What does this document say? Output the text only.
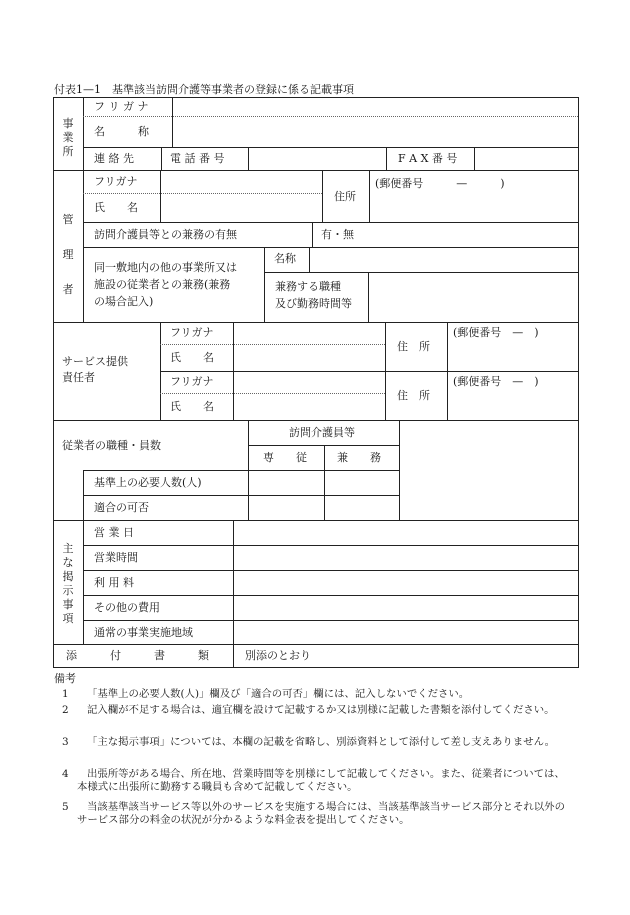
付表1—1　基準該当訪問介護等事業者の登録に係る記載事項
事業所
フ リ ガ ナ
名　　　称
連 絡 先	電 話 番 号	F A X 番 号
管理者
フリガナ
氏　　名
住所
(郵便番号　　　—　　　)
訪問介護員等との兼務の有無	有・無
同一敷地内の他の事業所又は
施設の従業者との兼務(兼務
の場合記入)
名称
兼務する職種
及び勤務時間等
サービス提供
責任者
フリガナ
氏　　名
住　所
(郵便番号　—　)
フリガナ
氏　　名
住　所
(郵便番号　—　)
従業者の職種・員数
訪問介護員等
専　　従	兼　　務
基準上の必要人数(人)
適合の可否
主な掲示事項
営 業 日
営業時間
利 用 料
その他の費用
通常の事業実施地域
添　　　付　　　書　　　類	別添のとおり
備考
1 「基準上の必要人数(人)」欄及び「適合の可否」欄には、記入しないでください。
2	記入欄が不足する場合は、適宜欄を設けて記載するか又は別様に記載した書類を添付してください。
3	「主な掲示事項」については、本欄の記載を省略し、別添資料として添付して差し支えありません。
4	出張所等がある場合、所在地、営業時間等を別様にして記載してください。また、従業者については、本様式に出張所に勤務する職員も含めて記載してください。
5	当該基準該当サービス等以外のサービスを実施する場合には、当該基準該当サービス部分とそれ以外のサービス部分の料金の状況が分かるような料金表を提出してください。
